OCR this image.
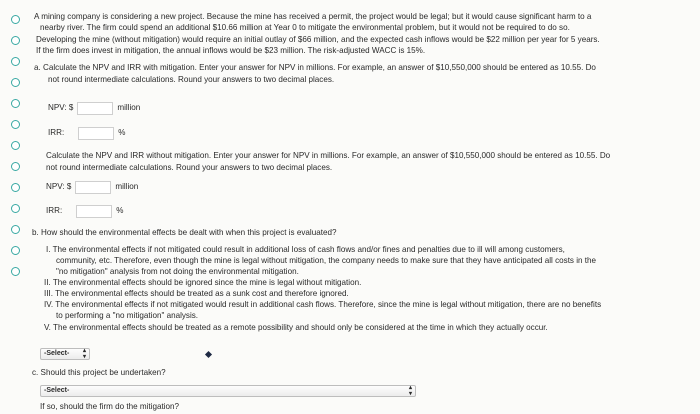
A mining company is considering a new project. Because the mine has received a permit, the project would be legal; but it would cause significant harm to a
nearby river. The firm could spend an additional $10.66 million at Year 0 to mitigate the environmental problem, but it would not be required to do so.
Developing the mine (without mitigation) would require an initial outlay of $66 million, and the expected cash inflows would be $22 million per year for 5 years.
If the firm does invest in mitigation, the annual inflows would be $23 million. The risk-adjusted WACC is 15%.
a. Calculate the NPV and IRR with mitigation. Enter your answer for NPV in millions. For example, an answer of $10,550,000 should be entered as 10.55. Do
not round intermediate calculations. Round your answers to two decimal places.
NPV: $	million
IRR:	%
Calculate the NPV and IRR without mitigation. Enter your answer for NPV in millions. For example, an answer of $10,550,000 should be entered as 10.55. Do
not round intermediate calculations. Round your answers to two decimal places.
NPV: $	million
IRR:	%
b. How should the environmental effects be dealt with when this project is evaluated?
I. The environmental effects if not mitigated could result in additional loss of cash flows and/or fines and penalties due to ill will among customers,
community, etc. Therefore, even though the mine is legal without mitigation, the company needs to make sure that they have anticipated all costs in the
"no mitigation" analysis from not doing the environmental mitigation.
II. The environmental effects should be ignored since the mine is legal without mitigation.
III. The environmental effects should be treated as a sunk cost and therefore ignored.
IV. The environmental effects if not mitigated would result in additional cash flows. Therefore, since the mine is legal without mitigation, there are no benefits
to performing a "no mitigation" analysis.
V. The environmental effects should be treated as a remote possibility and should only be considered at the time in which they actually occur.
-Select- ▴
▾
c. Should this project be undertaken?
-Select-	▴
▾
If so, should the firm do the mitigation?
